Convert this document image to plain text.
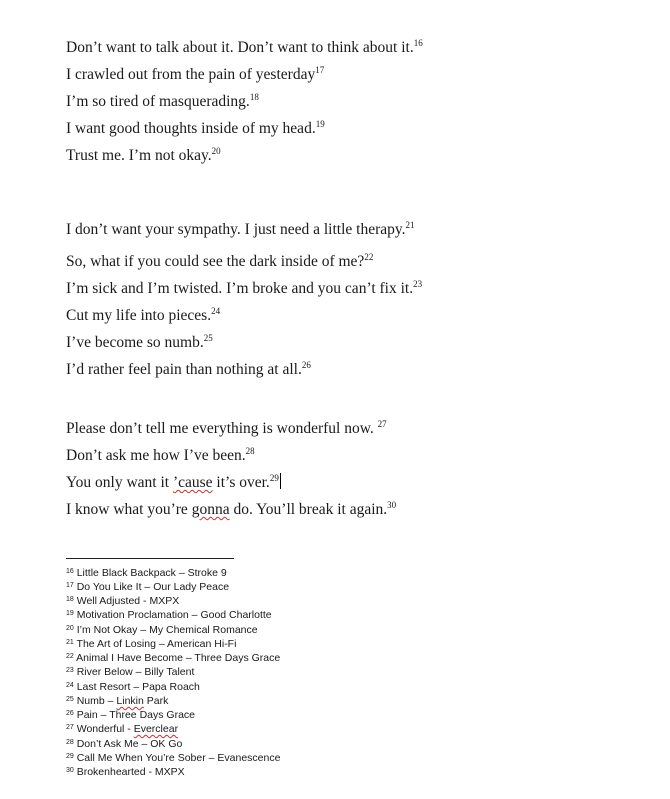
Don’t want to talk about it. Don’t want to think about it.$^{16}$
I crawled out from the pain of yesterday$^{17}$
I’m so tired of masquerading.$^{18}$
I want good thoughts inside of my head.$^{19}$
Trust me. I’m not okay.$^{20}$
I don’t want your sympathy. I just need a little therapy.$^{21}$
So, what if you could see the dark inside of me?$^{22}$
I’m sick and I’m twisted. I’m broke and you can’t fix it.$^{23}$
Cut my life into pieces.$^{24}$
I’ve become so numb.$^{25}$
I’d rather feel pain than nothing at all.$^{26}$
Please don’t tell me everything is wonderful now. $^{27}$
Don’t ask me how I’ve been.$^{28}$
You only want it ’cause it’s over.$^{29}$
I know what you’re gonna do. You’ll break it again.$^{30}$
$^{16}$ Little Black Backpack – Stroke 9
$^{17}$ Do You Like It – Our Lady Peace
$^{18}$ Well Adjusted - MXPX
$^{19}$ Motivation Proclamation – Good Charlotte
$^{20}$ I’m Not Okay – My Chemical Romance
$^{21}$ The Art of Losing – American Hi-Fi
$^{22}$ Animal I Have Become – Three Days Grace
$^{23}$ River Below – Billy Talent
$^{24}$ Last Resort – Papa Roach
$^{25}$ Numb – Linkin Park
$^{26}$ Pain – Three Days Grace
$^{27}$ Wonderful - Everclear
$^{28}$ Don’t Ask Me – OK Go
$^{29}$ Call Me When You’re Sober – Evanescence
$^{30}$ Brokenhearted - MXPX
